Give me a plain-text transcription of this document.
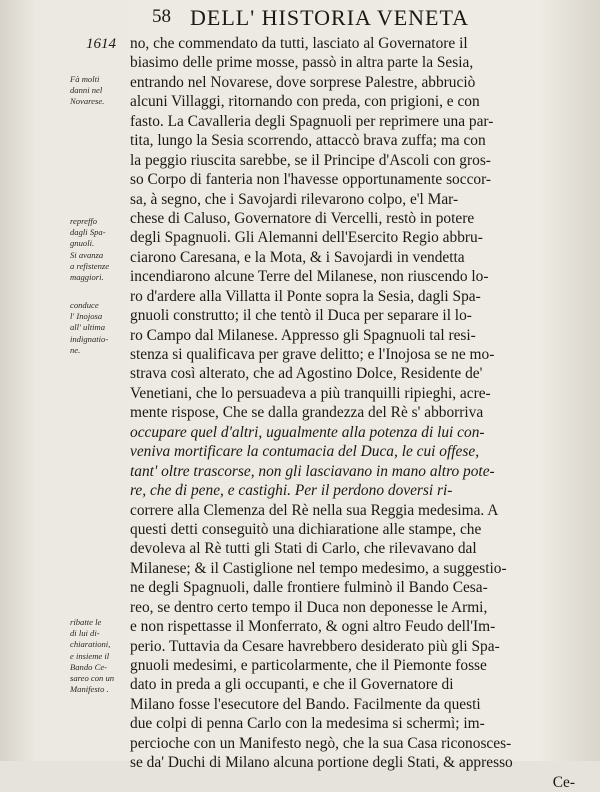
58 DELL' HISTORIA VENETA
1614
Fà molti
danni nel
Novarese.
repreffo
dagli Spa-
gnuoli.
Si avanza
a refistenze
maggiori.
conduce
l' Inojosa
all' ultima
indignatio-
ne.
ribatte le
di lui di-
chiarationi,
e insieme il
Bando Ce-
sareo con un
Manifesto .
no, che commendato da tutti, lasciato al Governatore il
biasimo delle prime mosse, passò in altra parte la Sesia,
entrando nel Novarese, dove sorprese Palestre, abbruciò
alcuni Villaggi, ritornando con preda, con prigioni, e con
fasto. La Cavalleria degli Spagnuoli per reprimere una par-
tita, lungo la Sesia scorrendo, attaccò brava zuffa; ma con
la peggio riuscita sarebbe, se il Principe d'Ascoli con gros-
so Corpo di fanteria non l'havesse opportunamente soccor-
sa, à segno, che i Savojardi rilevarono colpo, e'l Mar-
chese di Caluso, Governatore di Vercelli, restò in potere
degli Spagnuoli. Gli Alemanni dell'Esercito Regio abbru-
ciarono Caresana, e la Mota, & i Savojardi in vendetta
incendiarono alcune Terre del Milanese, non riuscendo lo-
ro d'ardere alla Villatta il Ponte sopra la Sesia, dagli Spa-
gnuoli construtto; il che tentò il Duca per separare il lo-
ro Campo dal Milanese. Appresso gli Spagnuoli tal resi-
stenza si qualificava per grave delitto; e l'Inojosa se ne mo-
strava così alterato, che ad Agostino Dolce, Residente de'
Venetiani, che lo persuadeva a più tranquilli ripieghi, acre-
mente rispose, Che se dalla grandezza del Rè s' abborriva
occupare quel d'altri, ugualmente alla potenza di lui con-
veniva mortificare la contumacia del Duca, le cui offese,
tant' oltre trascorse, non gli lasciavano in mano altro pote-
re, che di pene, e castighi. Per il perdono doversi ri-
correre alla Clemenza del Rè nella sua Reggia medesima. A
questi detti conseguitò una dichiaratione alle stampe, che
devoleva al Rè tutti gli Stati di Carlo, che rilevavano dal
Milanese; & il Castiglione nel tempo medesimo, a suggestio-
ne degli Spagnuoli, dalle frontiere fulminò il Bando Cesa-
reo, se dentro certo tempo il Duca non deponesse le Armi,
e non rispettasse il Monferrato, & ogni altro Feudo dell'Im-
perio. Tuttavia da Cesare havrebbero desiderato più gli Spa-
gnuoli medesimi, e particolarmente, che il Piemonte fosse
dato in preda a gli occupanti, e che il Governatore di
Milano fosse l'esecutore del Bando. Facilmente da questi
due colpi di penna Carlo con la medesima si schermì; im-
percioche con un Manifesto negò, che la sua Casa riconosces-
se da' Duchi di Milano alcuna portione degli Stati, & appresso
Ce-
